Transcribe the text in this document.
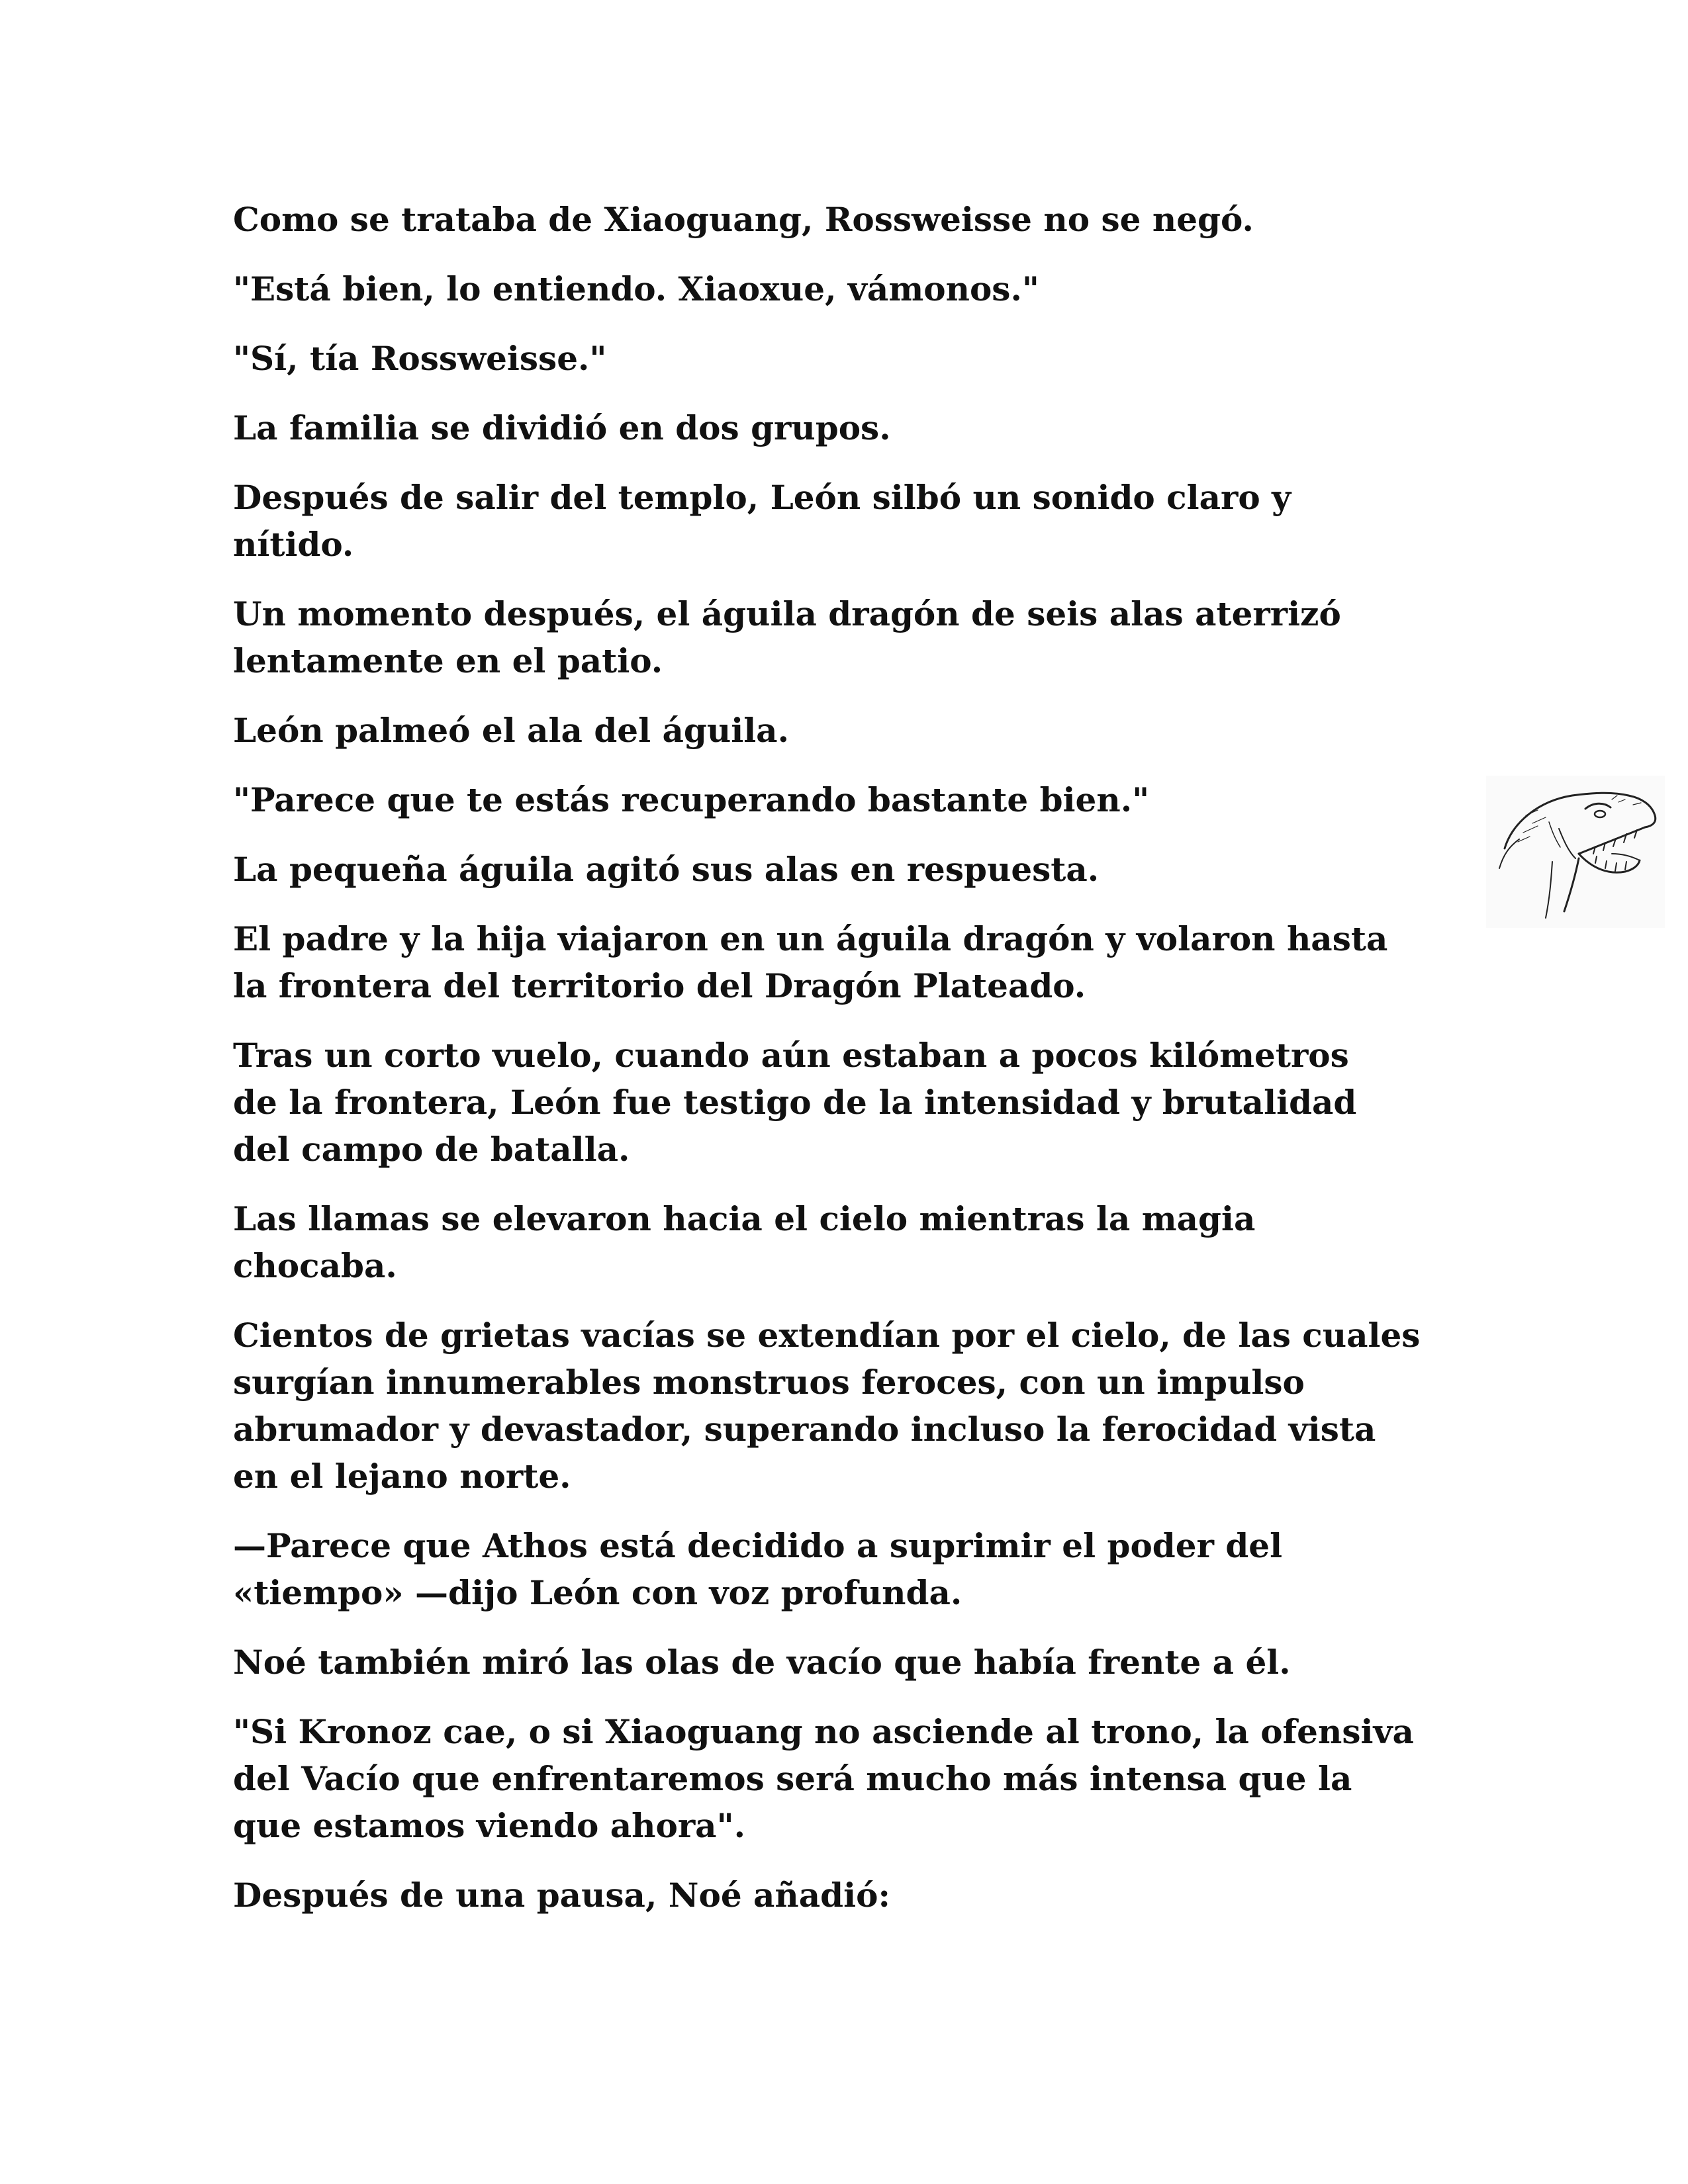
Como se trataba de Xiaoguang, Rossweisse no se negó.

"Está bien, lo entiendo. Xiaoxue, vámonos."

"Sí, tía Rossweisse."

La familia se dividió en dos grupos.

Después de salir del templo, León silbó un sonido claro y
nítido.

Un momento después, el águila dragón de seis alas aterrizó
lentamente en el patio.

León palmeó el ala del águila.

"Parece que te estás recuperando bastante bien."

La pequeña águila agitó sus alas en respuesta.

El padre y la hija viajaron en un águila dragón y volaron hasta
la frontera del territorio del Dragón Plateado.

Tras un corto vuelo, cuando aún estaban a pocos kilómetros
de la frontera, León fue testigo de la intensidad y brutalidad
del campo de batalla.

Las llamas se elevaron hacia el cielo mientras la magia
chocaba.

Cientos de grietas vacías se extendían por el cielo, de las cuales
surgían innumerables monstruos feroces, con un impulso
abrumador y devastador, superando incluso la ferocidad vista
en el lejano norte.

—Parece que Athos está decidido a suprimir el poder del
«tiempo» —dijo León con voz profunda.

Noé también miró las olas de vacío que había frente a él.

"Si Kronoz cae, o si Xiaoguang no asciende al trono, la ofensiva
del Vacío que enfrentaremos será mucho más intensa que la
que estamos viendo ahora".

Después de una pausa, Noé añadió:
